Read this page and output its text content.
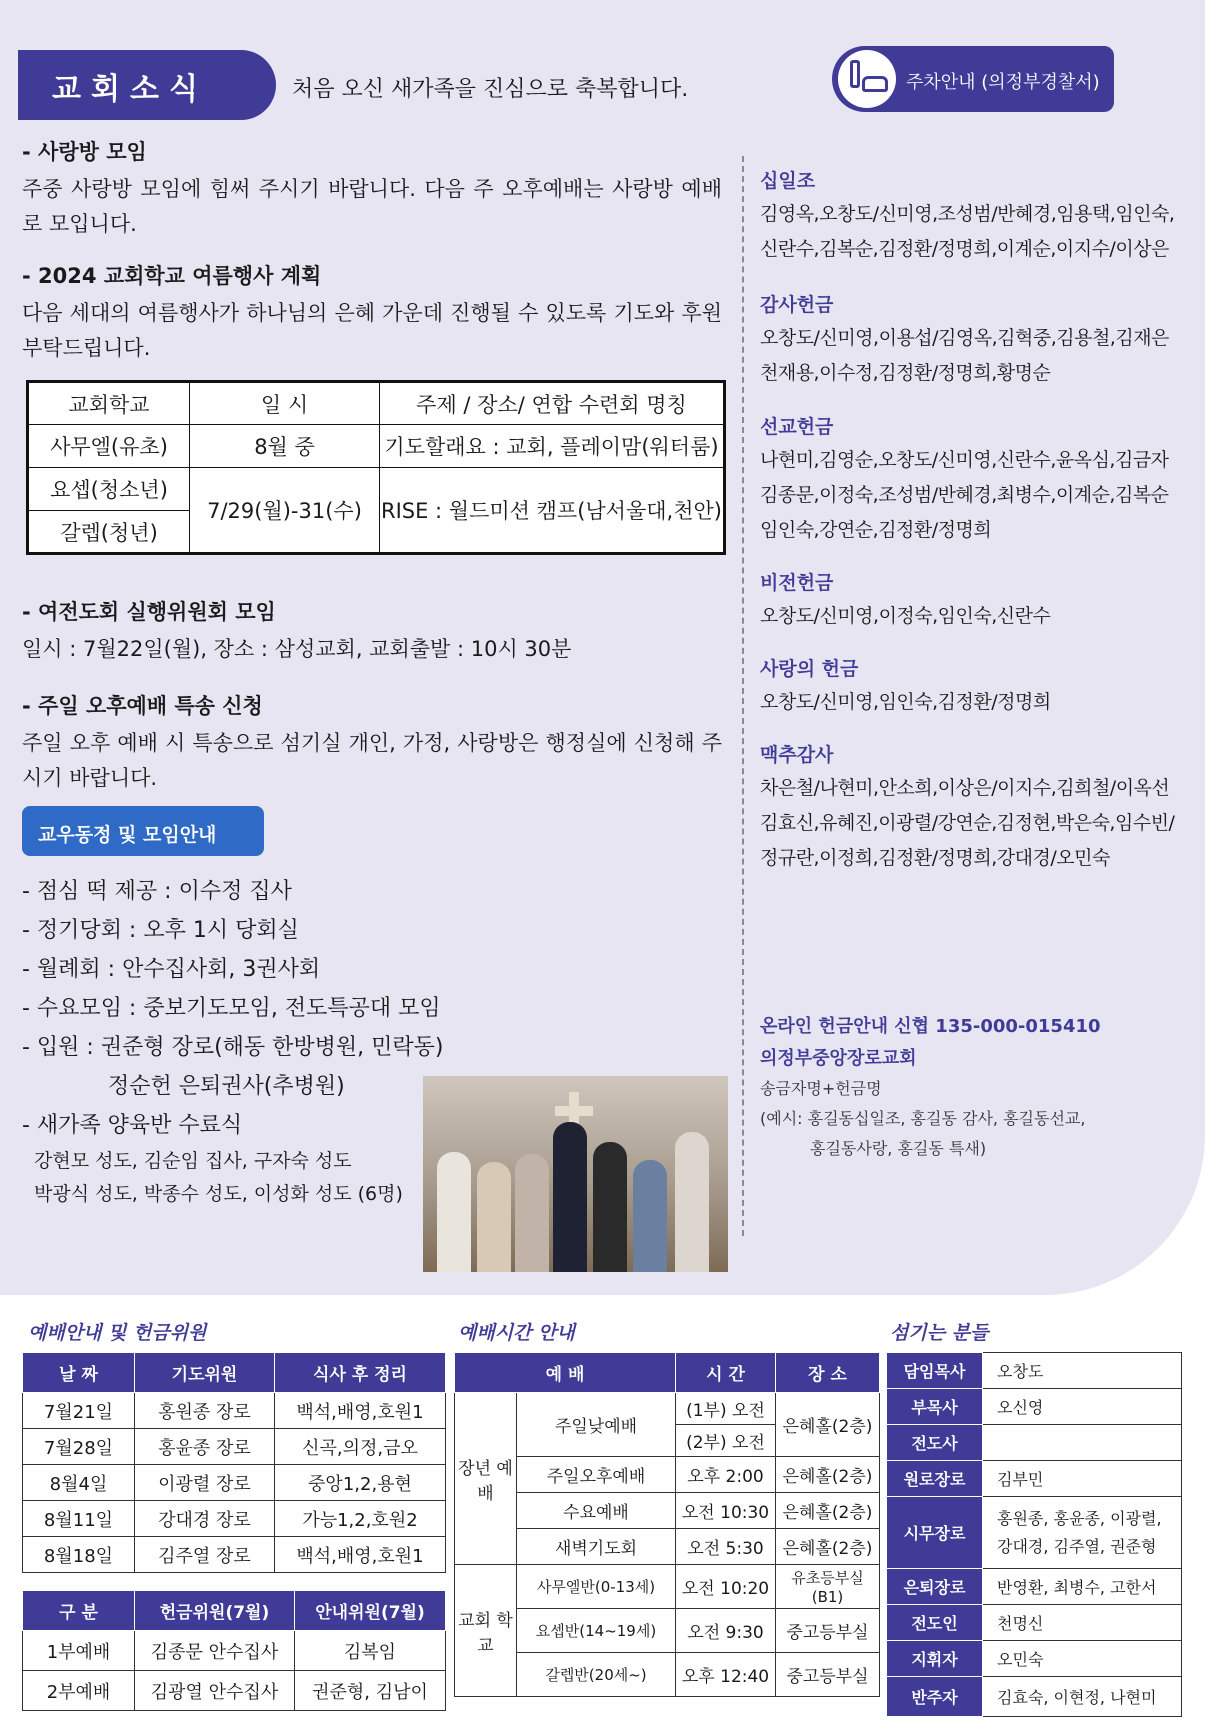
교회소식	처음 오신 새가족을 진심으로 축복합니다.	주차안내 (의정부경찰서)
- 사랑방 모임
주중 사랑방 모임에 힘써 주시기 바랍니다. 다음 주 오후예배는 사랑방 예배로 모입니다.
- 2024 교회학교 여름행사 계획
다음 세대의 여름행사가 하나님의 은혜 가운데 진행될 수 있도록 기도와 후원 부탁드립니다.
교회학교	일 시	주제 / 장소/ 연합 수련회 명칭
사무엘(유초)	8월 중	기도할래요 : 교회, 플레이맘(워터룸)
요셉(청소년)	7/29(월)-31(수)	RISE : 월드미션 캠프(남서울대,천안)
갈렙(청년)		
- 여전도회 실행위원회 모임
일시 : 7월22일(월), 장소 : 삼성교회, 교회출발 : 10시 30분
- 주일 오후예배 특송 신청
주일 오후 예배 시 특송으로 섬기실 개인, 가정, 사랑방은 행정실에 신청해 주시기 바랍니다.
교우동정 및 모임안내
- 점심 떡 제공 : 이수정 집사
- 정기당회 : 오후 1시 당회실
- 월례회 : 안수집사회, 3권사회
- 수요모임 : 중보기도모임, 전도특공대 모임
- 입원 : 권준형 장로(해동 한방병원, 민락동)
정순헌 은퇴권사(추병원)
- 새가족 양육반 수료식
강현모 성도, 김순임 집사, 구자숙 성도
박광식 성도, 박종수 성도, 이성화 성도 (6명)
십일조
김영옥,오창도/신미영,조성범/반혜경,임용택,임인숙,
신란수,김복순,김정환/정명희,이계순,이지수/이상은
감사헌금
오창도/신미영,이용섭/김영옥,김혁중,김용철,김재은
천재용,이수정,김정환/정명희,황명순
선교헌금
나현미,김영순,오창도/신미영,신란수,윤옥심,김금자
김종문,이정숙,조성범/반혜경,최병수,이계순,김복순
임인숙,강연순,김정환/정명희
비전헌금
오창도/신미영,이정숙,임인숙,신란수
사랑의 헌금
오창도/신미영,임인숙,김정환/정명희
맥추감사
차은철/나현미,안소희,이상은/이지수,김희철/이옥선
김효신,유혜진,이광렬/강연순,김정현,박은숙,임수빈/
정규란,이정희,김정환/정명희,강대경/오민숙
온라인 헌금안내 신협 135-000-015410
의정부중앙장로교회
송금자명+헌금명
(예시: 홍길동십일조, 홍길동 감사, 홍길동선교,
홍길동사랑, 홍길동 특새)
예배안내 및 헌금위원	예배시간 안내	섬기는 분들
날 짜	기도위원	식사 후 정리
7월21일	홍원종 장로	백석,배영,호원1
7월28일	홍윤종 장로	신곡,의정,금오
8월4일	이광렬 장로	중앙1,2,용현
8월11일	강대경 장로	가능1,2,호원2
8월18일	김주열 장로	백석,배영,호원1
구 분	헌금위원(7월)	안내위원(7월)
1부예배	김종문 안수집사	김복임
2부예배	김광열 안수집사	권준형, 김남이
예 배		시 간	장 소
장년 예배	주일낮예배	(1부) 오전	은혜홀(2층)
		(2부) 오전	
	주일오후예배	오후 2:00	은혜홀(2층)
	수요예배	오전 10:30	은혜홀(2층)
	새벽기도회	오전 5:30	은혜홀(2층)
교회 학교	사무엘반(0-13세)	오전 10:20	유초등부실(B1)
	요셉반(14~19세)	오전 9:30	중고등부실
	갈렙반(20세~)	오후 12:40	중고등부실
담임목사	오창도
부목사	오신영
전도사	
원로장로	김부민
시무장로	홍원종, 홍윤종, 이광렬, 강대경, 김주열, 권준형
은퇴장로	반영환, 최병수, 고한서
전도인	천명신
지휘자	오민숙
반주자	김효숙, 이현정, 나현미
